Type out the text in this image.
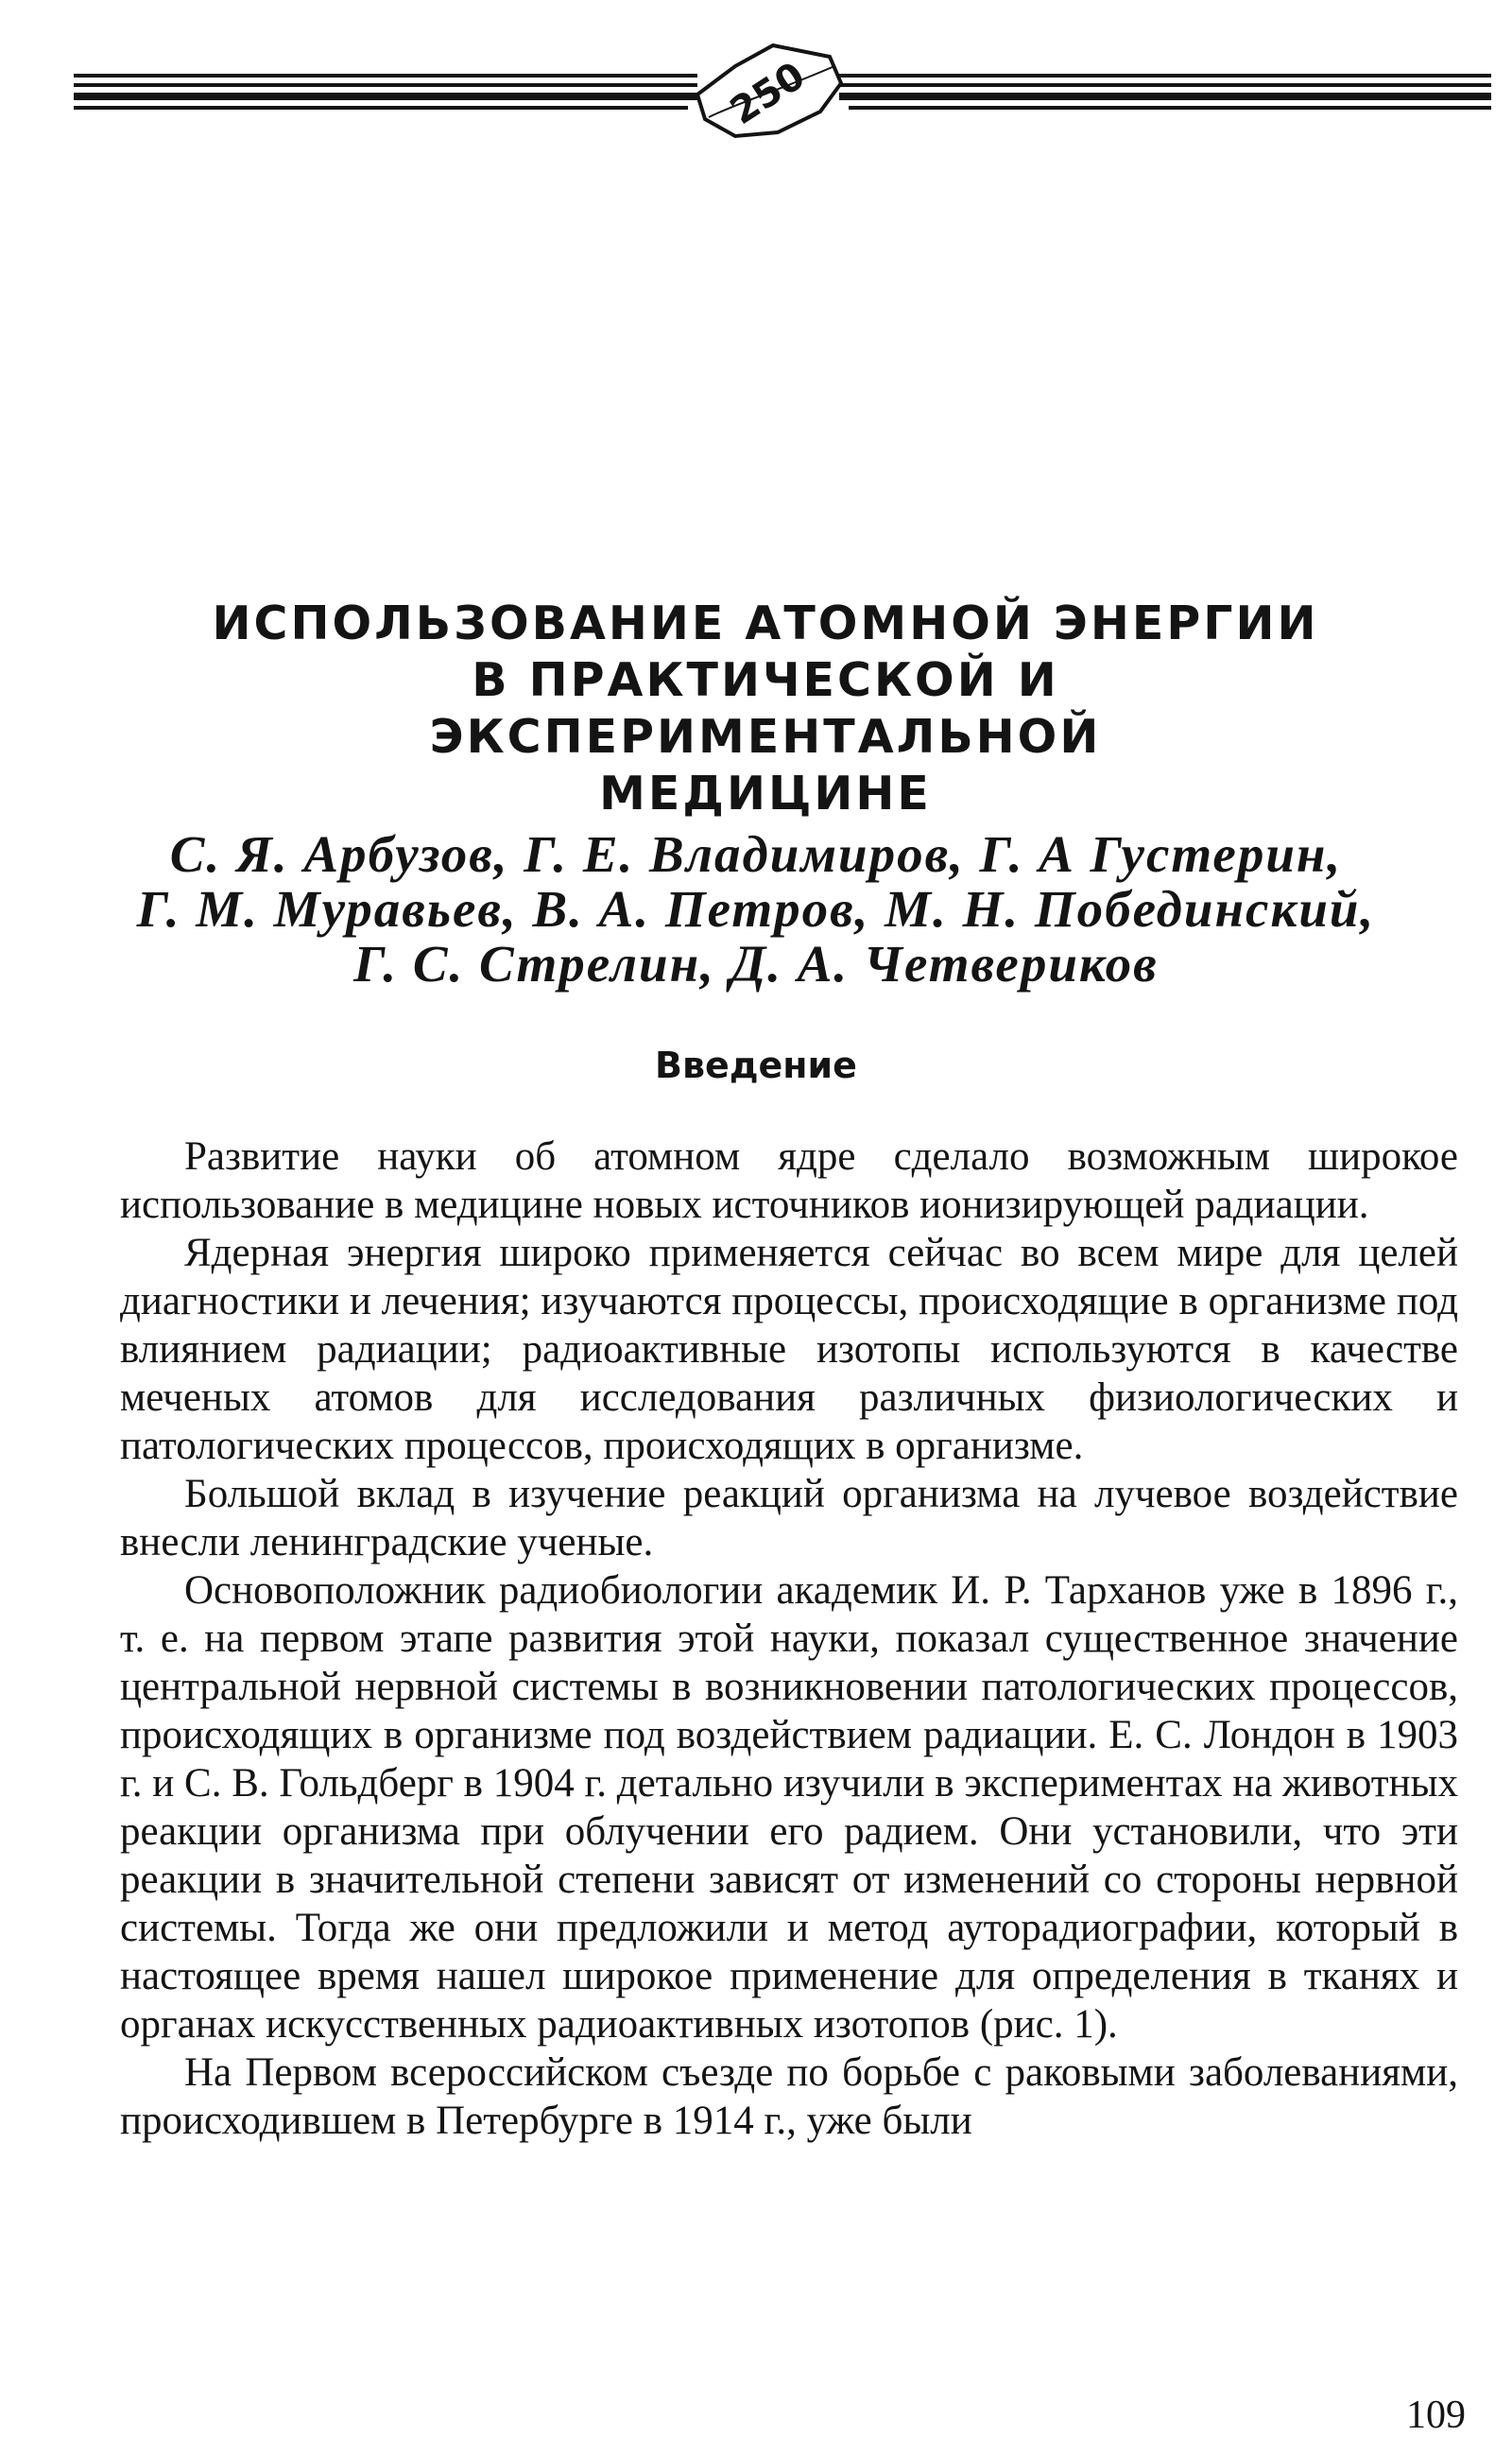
250
ИСПОЛЬЗОВАНИЕ АТОМНОЙ ЭНЕРГИИ
В ПРАКТИЧЕСКОЙ И ЭКСПЕРИМЕНТАЛЬНОЙ
МЕДИЦИНЕ
С. Я. Арбузов, Г. Е. Владимиров, Г. А Густерин,
Г. М. Муравьев, В. А. Петров, М. Н. Побединский,
Г. С. Стрелин, Д. А. Четвериков
Введение

Развитие науки об атомном ядре сделало возможным широкое использование в медицине новых источников ионизирующей радиации.

Ядерная энергия широко применяется сейчас во всем мире для целей диагностики и лечения; изучаются процессы, происходящие в организме под влиянием радиации; радиоактивные изотопы используются в качестве меченых атомов для исследования различных физиологических и патологических процессов, происходящих в организме.

Большой вклад в изучение реакций организма на лучевое воздействие внесли ленинградские ученые.

Основоположник радиобиологии академик И. Р. Тарханов уже в 1896 г., т. е. на первом этапе развития этой науки, показал существенное значение центральной нервной системы в возникновении патологических процессов, происходящих в организме под воздействием радиации. Е. С. Лондон в 1903 г. и С. В. Гольдберг в 1904 г. детально изучили в экспериментах на животных реакции организма при облучении его радием. Они установили, что эти реакции в значительной степени зависят от изменений со стороны нервной системы. Тогда же они предложили и метод ауторадиографии, который в настоящее время нашел широкое применение для определения в тканях и органах искусственных радиоактивных изотопов (рис. 1).

На Первом всероссийском съезде по борьбе с раковыми заболеваниями, происходившем в Петербурге в 1914 г., уже были

109
